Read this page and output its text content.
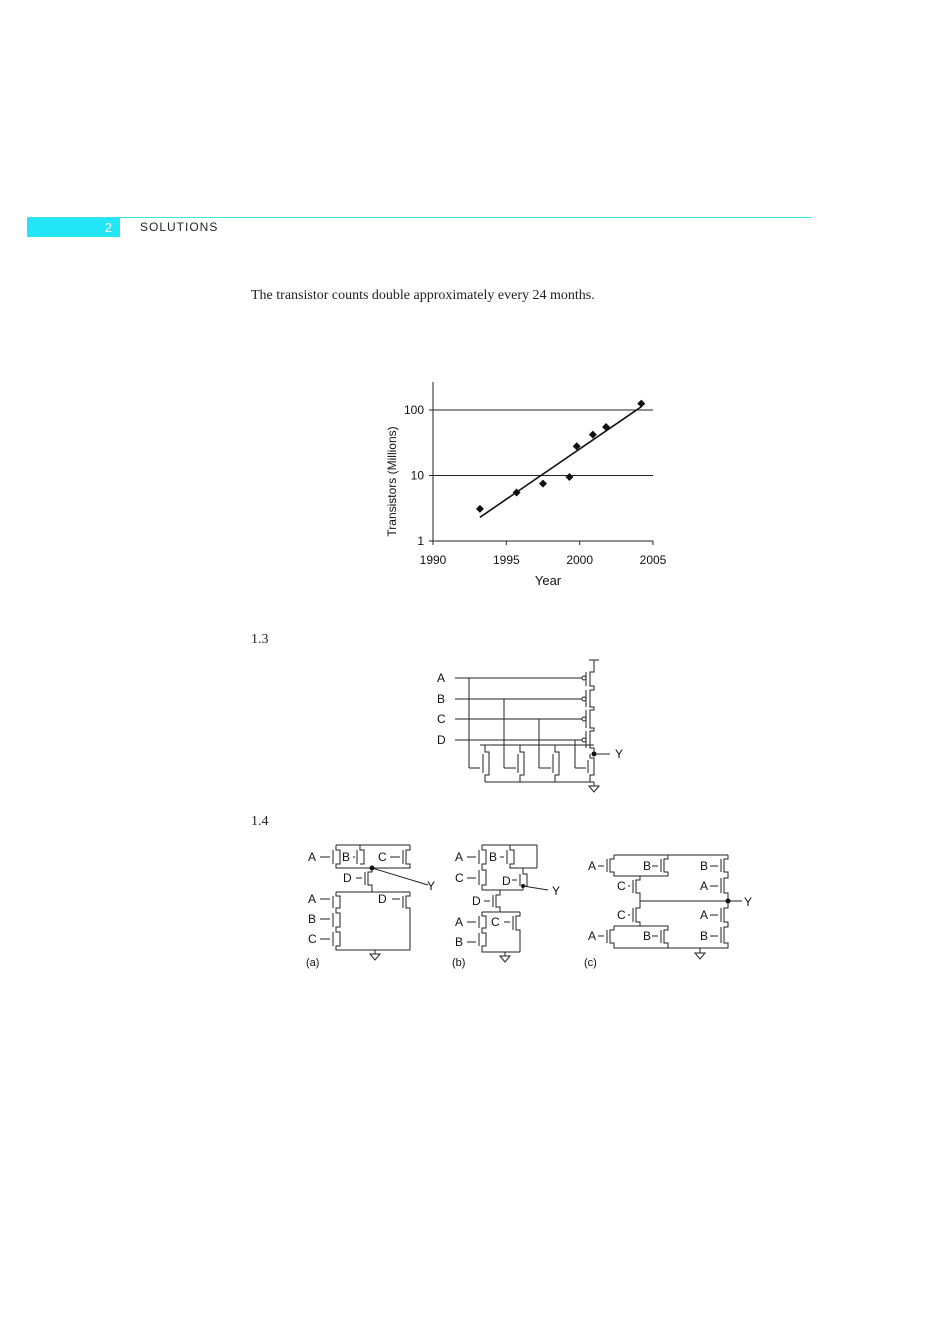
2	SOLUTIONS
The transistor counts double approximately every 24 months.
1990	1995	2000	2005
1
10
100
Year
Transistors (Millions)
1.3
1.4
A
B
C
D
Y
A B C
D
A
B
C
D
Y
(a)
A B
C	D
D
A C
B
Y
(b)
A	B	B
C	A
C	A
A	B	B
Y
(c)
